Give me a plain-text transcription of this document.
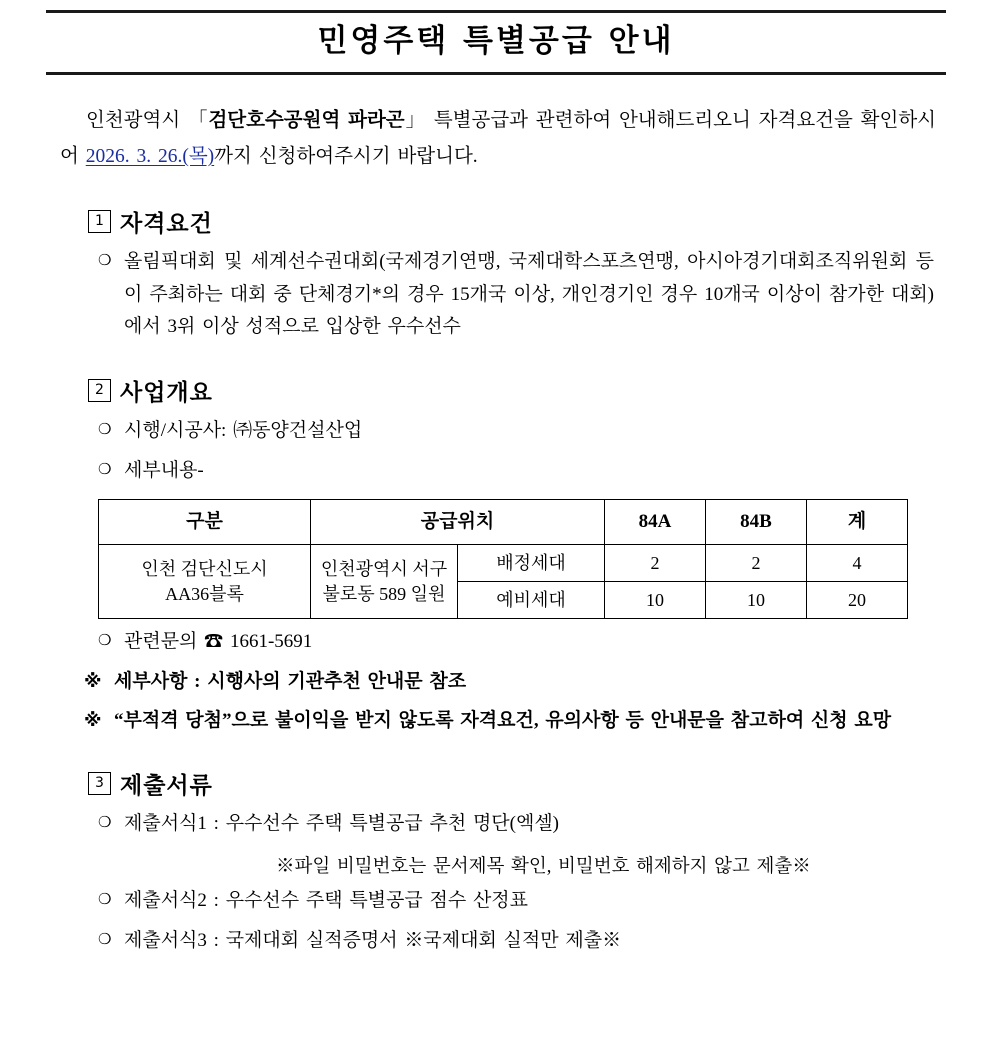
민영주택 특별공급 안내

인천광역시 「검단호수공원역 파라곤」 특별공급과 관련하여 안내해드리오니 자격요건을 확인하시어 2026. 3. 26.(목)까지 신청하여주시기 바랍니다.

1 자격요건
❍ 올림픽대회 및 세계선수권대회(국제경기연맹, 국제대학스포츠연맹, 아시아경기대회조직위원회 등이 주최하는 대회 중 단체경기*의 경우 15개국 이상, 개인경기인 경우 10개국 이상이 참가한 대회)에서 3위 이상 성적으로 입상한 우수선수
2 사업개요
❍ 시행/시공사: ㈜동양건설산업
❍ 세부내용-
구분	공급위치		84A	84B	계

인천 검단신도시
AA36블록

인천광역시 서구
불로동 589 일원
	배정세대	2	2	4
		예비세대	10	10	20
❍ 관련문의 ☎ 1661-5691
※ 세부사항 : 시행사의 기관추천 안내문 참조
※ “부적격 당첨”으로 불이익을 받지 않도록 자격요건, 유의사항 등 안내문을 참고하여 신청 요망
3 제출서류
❍ 제출서식1 : 우수선수 주택 특별공급 추천 명단(엑셀)
※파일 비밀번호는 문서제목 확인, 비밀번호 해제하지 않고 제출※
❍ 제출서식2 : 우수선수 주택 특별공급 점수 산정표
❍ 제출서식3 : 국제대회 실적증명서 ※국제대회 실적만 제출※
